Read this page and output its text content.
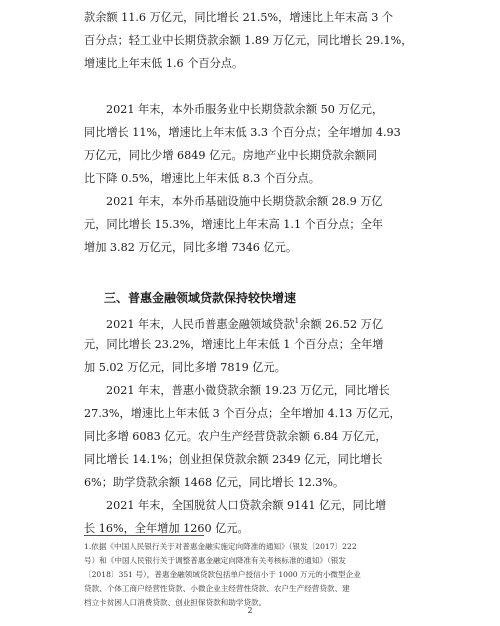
款余额 11.6 万亿元，同比增长 21.5%，增速比上年末高 3 个
百分点；轻工业中长期贷款余额 1.89 万亿元，同比增长 29.1%，
增速比上年末低 1.6 个百分点。
2021 年末，本外币服务业中长期贷款余额 50 万亿元，
同比增长 11%，增速比上年末低 3.3 个百分点；全年增加 4.93
万亿元，同比少增 6849 亿元。房地产业中长期贷款余额同
比下降 0.5%，增速比上年末低 8.3 个百分点。
2021 年末，本外币基础设施中长期贷款余额 28.9 万亿
元，同比增长 15.3%，增速比上年末高 1.1 个百分点；全年
增加 3.82 万亿元，同比多增 7346 亿元。
三、普惠金融领域贷款保持较快增速
2021 年末，人民币普惠金融领域贷款$^1$余额 26.52 万亿
元，同比增长 23.2%，增速比上年末低 1 个百分点；全年增
加 5.02 万亿元，同比多增 7819 亿元。
2021 年末，普惠小微贷款余额 19.23 万亿元，同比增长
27.3%，增速比上年末低 3 个百分点；全年增加 4.13 万亿元，
同比多增 6083 亿元。农户生产经营贷款余额 6.84 万亿元，
同比增长 14.1%；创业担保贷款余额 2349 亿元，同比增长
6%；助学贷款余额 1468 亿元，同比增长 12.3%。
2021 年末，全国脱贫人口贷款余额 9141 亿元，同比增
长 16%，全年增加 1260 亿元。
1.依据《中国人民银行关于对普惠金融实施定向降准的通知》（银发〔2017〕222
号）和《中国人民银行关于调整普惠金融定向降准有关考核标准的通知》（银发
〔2018〕351 号），普惠金融领域贷款包括单户授信小于 1000 万元的小微型企业
贷款、个体工商户经营性贷款、小微企业主经营性贷款、农户生产经营贷款、建
档立卡贫困人口消费贷款、创业担保贷款和助学贷款。
2
